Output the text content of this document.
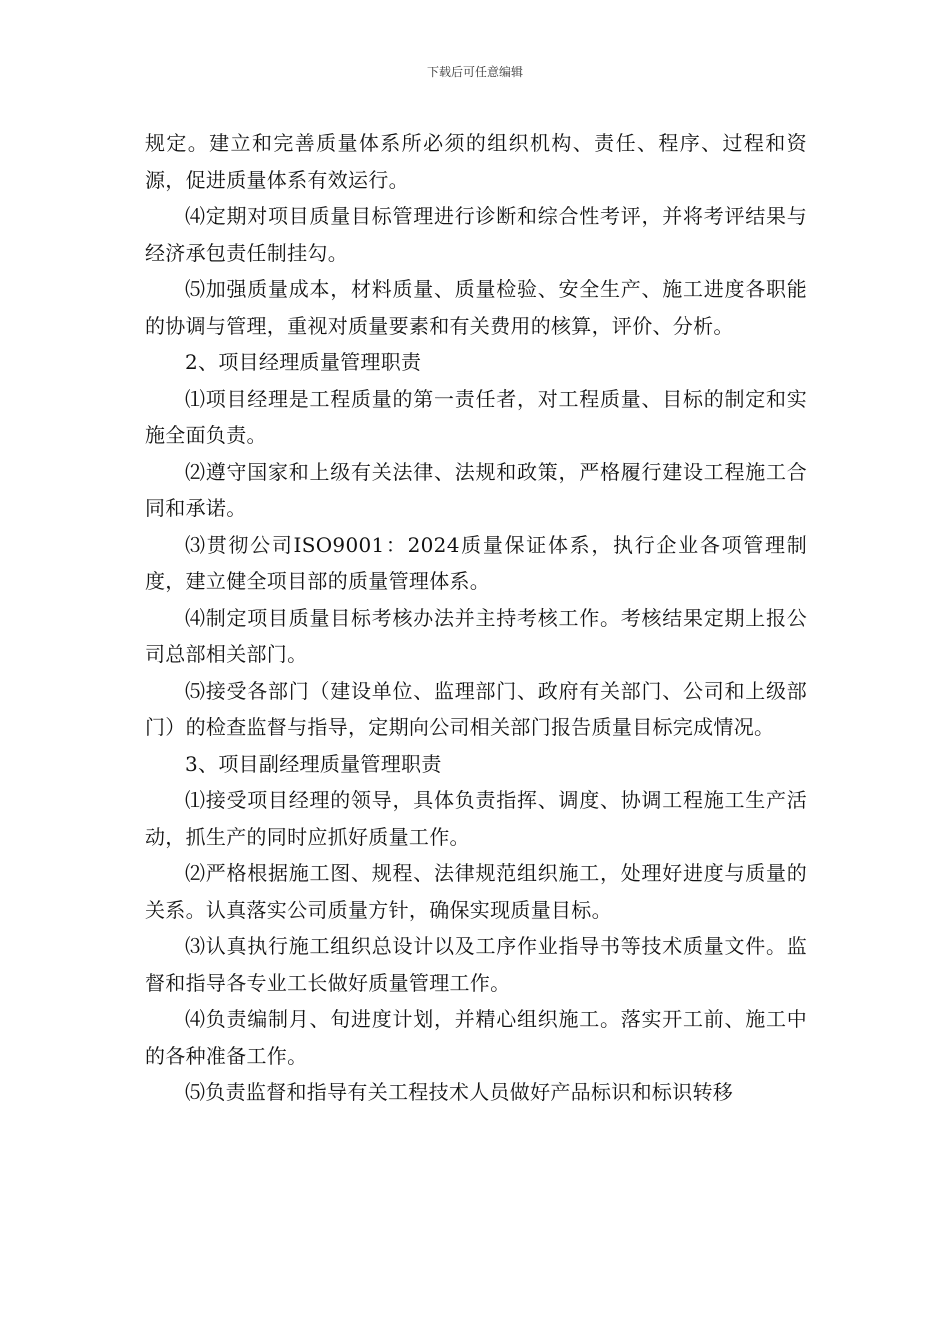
下载后可任意编辑

规定。建立和完善质量体系所必须的组织机构、责任、程序、过程和资源，促进质量体系有效运行。

⑷定期对项目质量目标管理进行诊断和综合性考评，并将考评结果与经济承包责任制挂勾。

⑸加强质量成本，材料质量、质量检验、安全生产、施工进度各职能的协调与管理，重视对质量要素和有关费用的核算，评价、分析。

2、项目经理质量管理职责

⑴项目经理是工程质量的第一责任者，对工程质量、目标的制定和实施全面负责。

⑵遵守国家和上级有关法律、法规和政策，严格履行建设工程施工合同和承诺。

⑶贯彻公司ISO9001：2024质量保证体系，执行企业各项管理制度，建立健全项目部的质量管理体系。

⑷制定项目质量目标考核办法并主持考核工作。考核结果定期上报公司总部相关部门。

⑸接受各部门（建设单位、监理部门、政府有关部门、公司和上级部门）的检查监督与指导，定期向公司相关部门报告质量目标完成情况。

3、项目副经理质量管理职责

⑴接受项目经理的领导，具体负责指挥、调度、协调工程施工生产活动，抓生产的同时应抓好质量工作。

⑵严格根据施工图、规程、法律规范组织施工，处理好进度与质量的关系。认真落实公司质量方针，确保实现质量目标。

⑶认真执行施工组织总设计以及工序作业指导书等技术质量文件。监督和指导各专业工长做好质量管理工作。

⑷负责编制月、旬进度计划，并精心组织施工。落实开工前、施工中的各种准备工作。

⑸负责监督和指导有关工程技术人员做好产品标识和标识转移
